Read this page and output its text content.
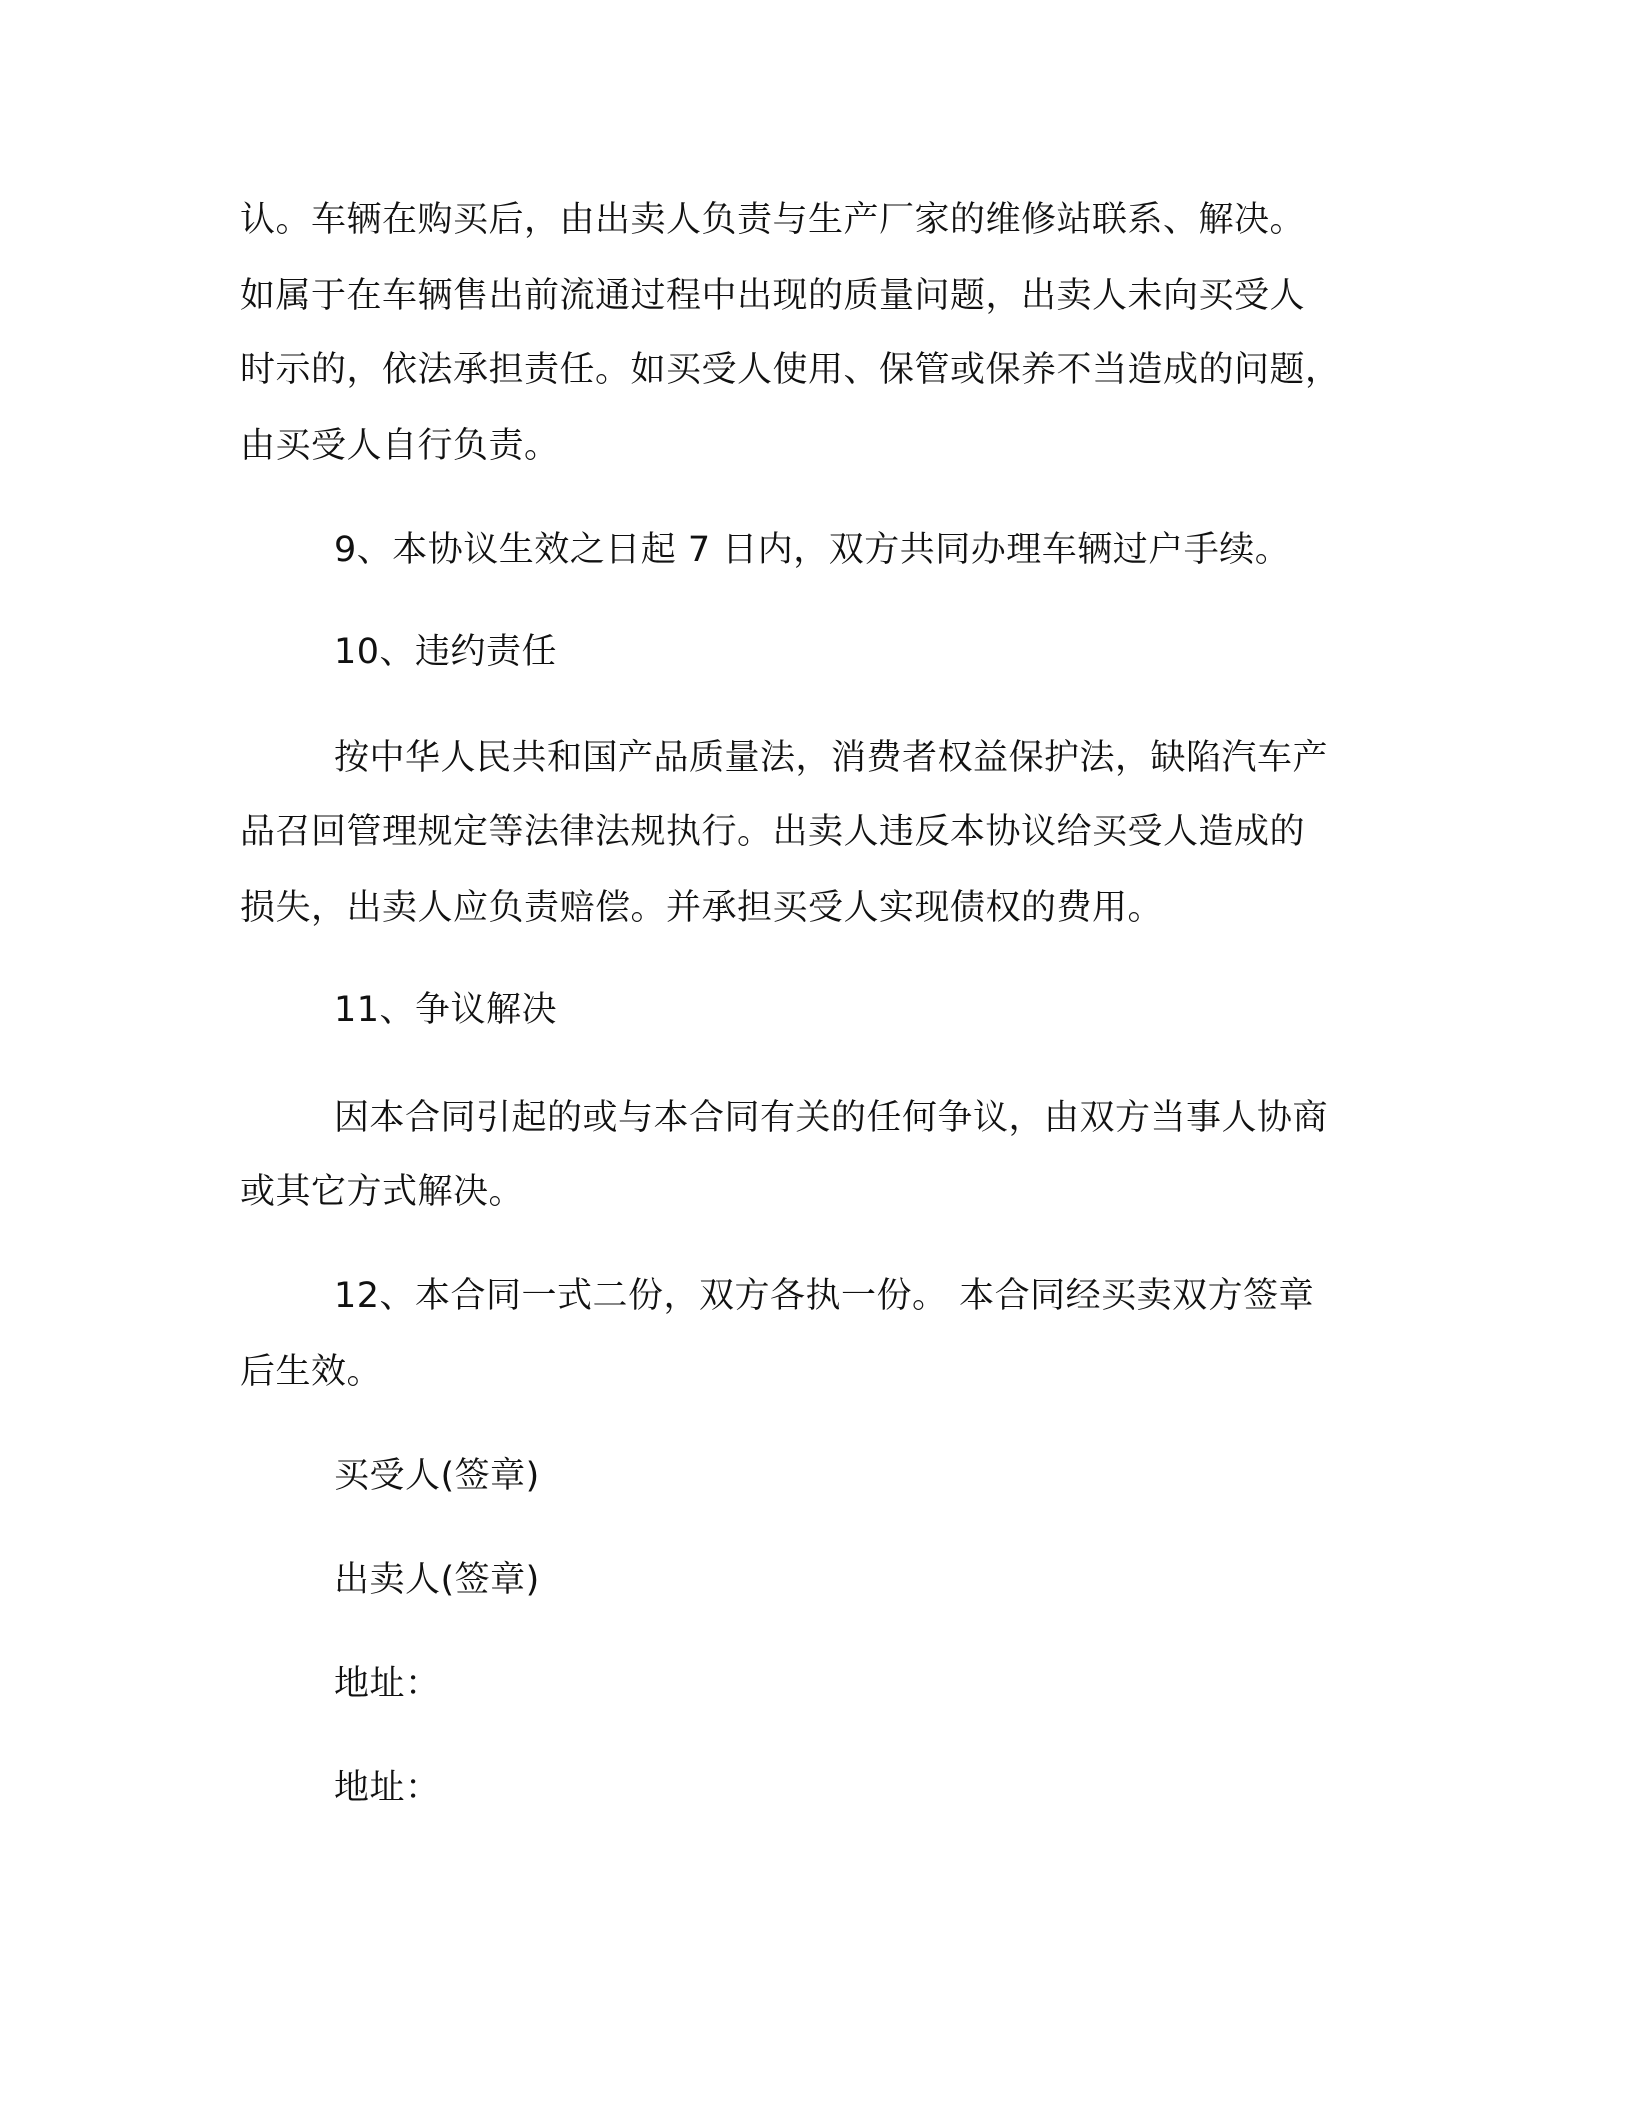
认。车辆在购买后，由出卖人负责与生产厂家的维修站联系、解决。

如属于在车辆售出前流通过程中出现的质量问题，出卖人未向买受人

时示的，依法承担责任。如买受人使用、保管或保养不当造成的问题，

由买受人自行负责。

9、本协议生效之日起 7 日内，双方共同办理车辆过户手续。

10、违约责任

按中华人民共和国产品质量法，消费者权益保护法，缺陷汽车产

品召回管理规定等法律法规执行。出卖人违反本协议给买受人造成的

损失，出卖人应负责赔偿。并承担买受人实现债权的费用。

11、争议解决

因本合同引起的或与本合同有关的任何争议，由双方当事人协商

或其它方式解决。

12、本合同一式二份，双方各执一份。 本合同经买卖双方签章

后生效。

买受人(签章)

出卖人(签章)

地址：

地址：
